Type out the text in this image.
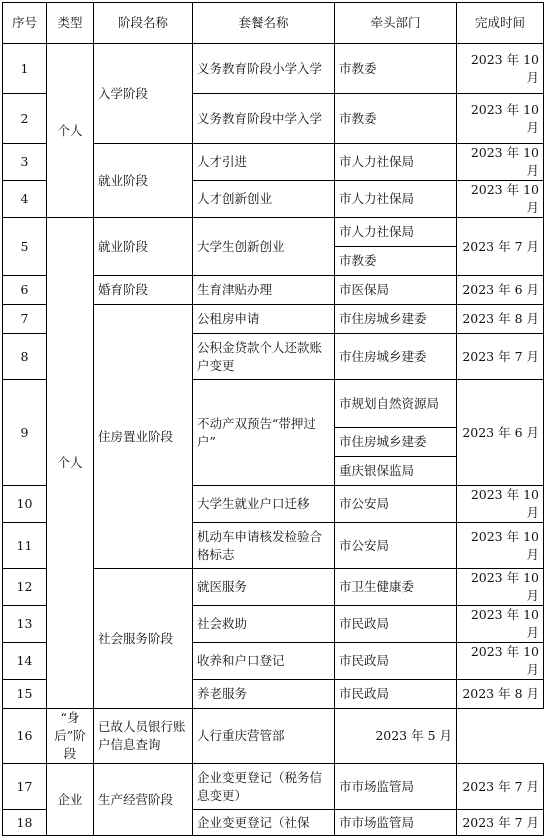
序号	类型	阶段名称	套餐名称	牵头部门	完成时间
1	个人	入学阶段	义务教育阶段小学入学	市教委	2023 年 10 月
2			义务教育阶段中学入学	市教委	2023 年 10 月
3		就业阶段	人才引进	市人力社保局	2023 年 10 月
4			人才创新创业	市人力社保局	2023 年 10 月
5	个人	就业阶段	大学生创新创业	市人力社保局	2023 年 7 月
				市教委	
6		婚育阶段	生育津贴办理	市医保局	2023 年 6 月
7		住房置业阶段	公租房申请	市住房城乡建委	2023 年 8 月
8			公积金贷款个人还款账户变更	市住房城乡建委	2023 年 7 月
9			不动产双预告“带押过户”	市规划自然资源局	2023 年 6 月
				市住房城乡建委	
				重庆银保监局	
10			大学生就业户口迁移	市公安局	2023 年 10 月
11			机动车申请核发检验合格标志	市公安局	2023 年 10 月
12		社会服务阶段	就医服务	市卫生健康委	2023 年 10 月
13			社会救助	市民政局	2023 年 10 月
14			收养和户口登记	市民政局	2023 年 10 月
15			养老服务	市民政局	2023 年 8 月
16	“身后”阶段	已故人员银行账户信息查询	人行重庆营管部	2023 年 5 月	
17	企业	生产经营阶段	企业变更登记（税务信息变更）	市市场监管局	2023 年 7 月
18			企业变更登记（社保	市市场监管局	2023 年 7 月
